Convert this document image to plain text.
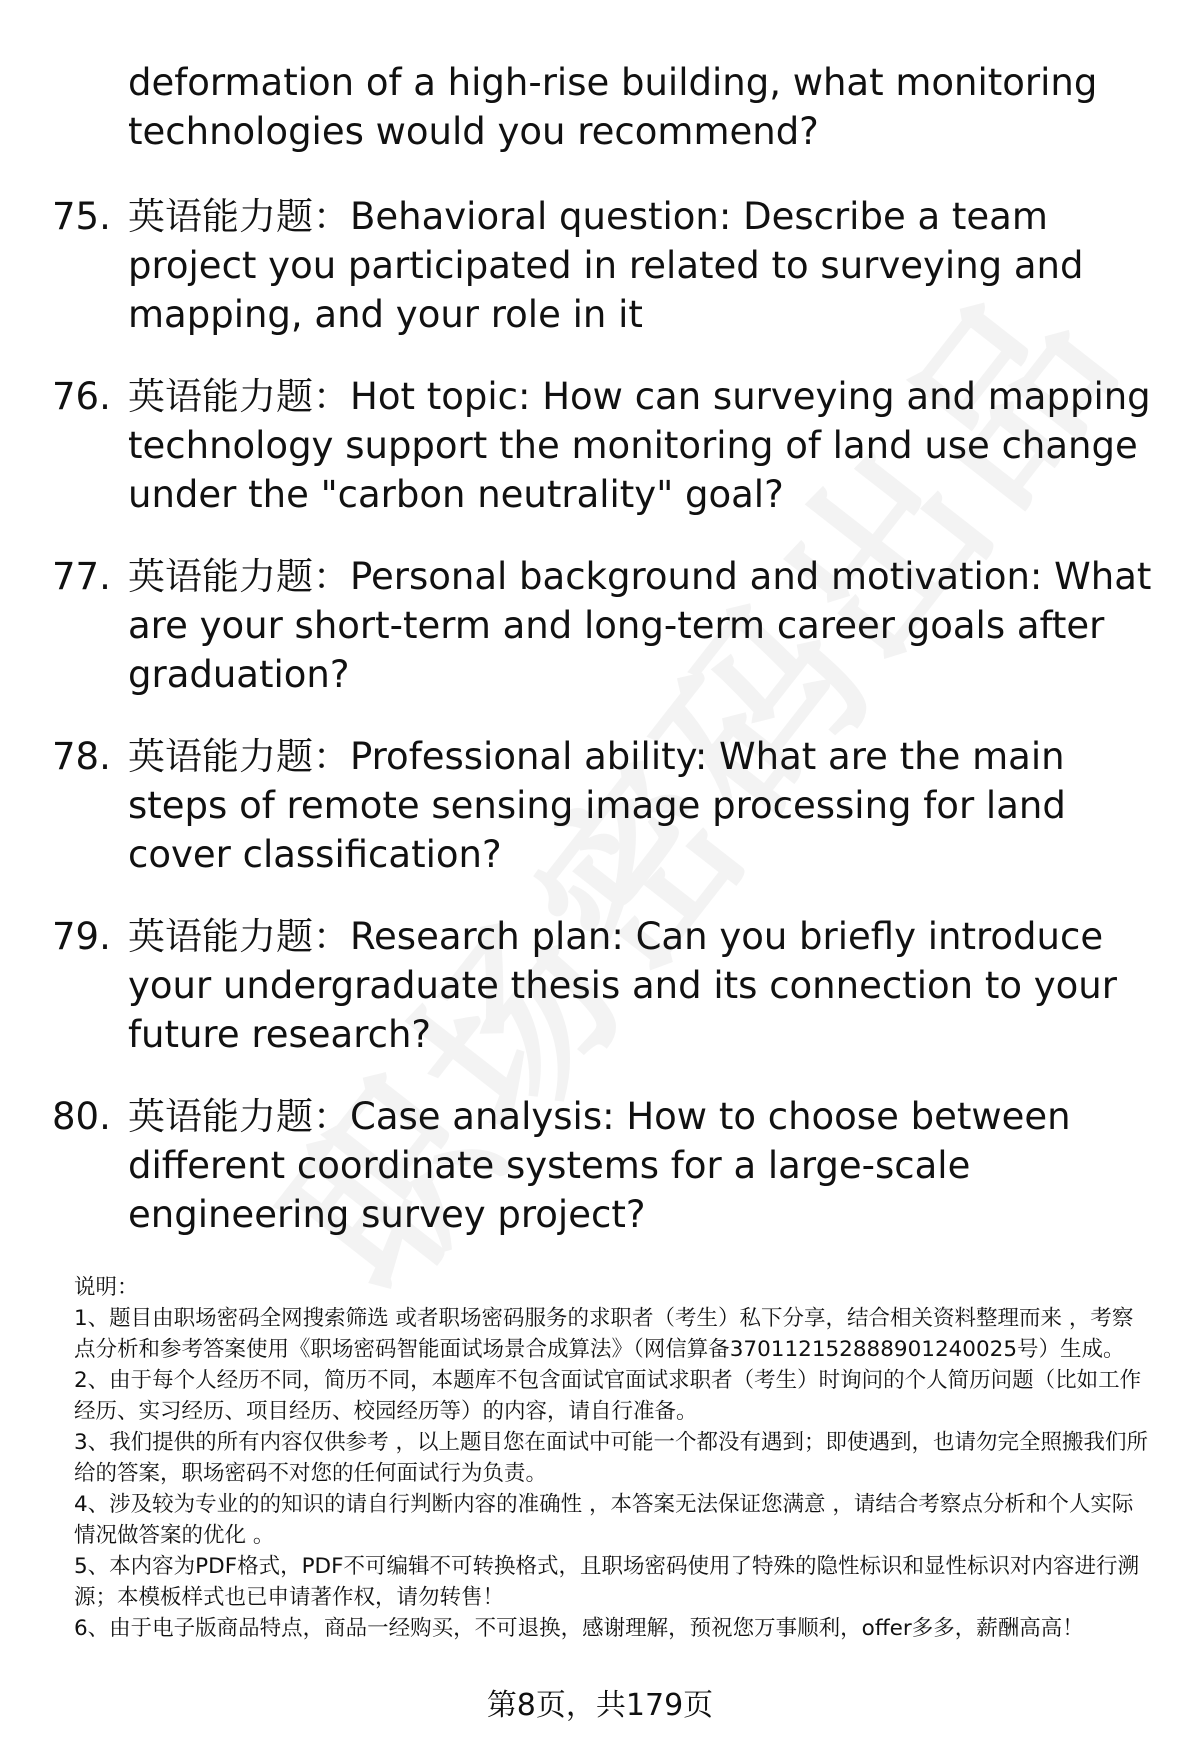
deformation of a high-rise building, what monitoring technologies would you recommend?
75. 英语能力题：Behavioral question: Describe a team project you participated in related to surveying and mapping, and your role in it
76. 英语能力题：Hot topic: How can surveying and mapping technology support the monitoring of land use change under the "carbon neutrality" goal?
77. 英语能力题：Personal background and motivation: What are your short-term and long-term career goals after graduation?
78. 英语能力题：Professional ability: What are the main steps of remote sensing image processing for land cover classification?
79. 英语能力题：Research plan: Can you briefly introduce your undergraduate thesis and its connection to your future research?
80. 英语能力题：Case analysis: How to choose between different coordinate systems for a large-scale engineering survey project?

说明：

1、题目由职场密码全网搜索筛选 或者职场密码服务的求职者（考生）私下分享，结合相关资料整理而来 ，考察点分析和参考答案使用《职场密码智能面试场景合成算法》（网信算备370112152888901240025号）生成。

2、由于每个人经历不同，简历不同，本题库不包含面试官面试求职者（考生）时询问的个人简历问题（比如工作经历、实习经历、项目经历、校园经历等）的内容，请自行准备。

3、我们提供的所有内容仅供参考 ，以上题目您在面试中可能一个都没有遇到；即使遇到，也请勿完全照搬我们所给的答案，职场密码不对您的任何面试行为负责。

4、涉及较为专业的的知识的请自行判断内容的准确性 ，本答案无法保证您满意 ，请结合考察点分析和个人实际情况做答案的优化 。

5、本内容为PDF格式，PDF不可编辑不可转换格式，且职场密码使用了特殊的隐性标识和显性标识对内容进行溯源；本模板样式也已申请著作权，请勿转售！

6、由于电子版商品特点，商品一经购买，不可退换，感谢理解，预祝您万事顺利，offer多多，薪酬高高！

第8页，共179页
